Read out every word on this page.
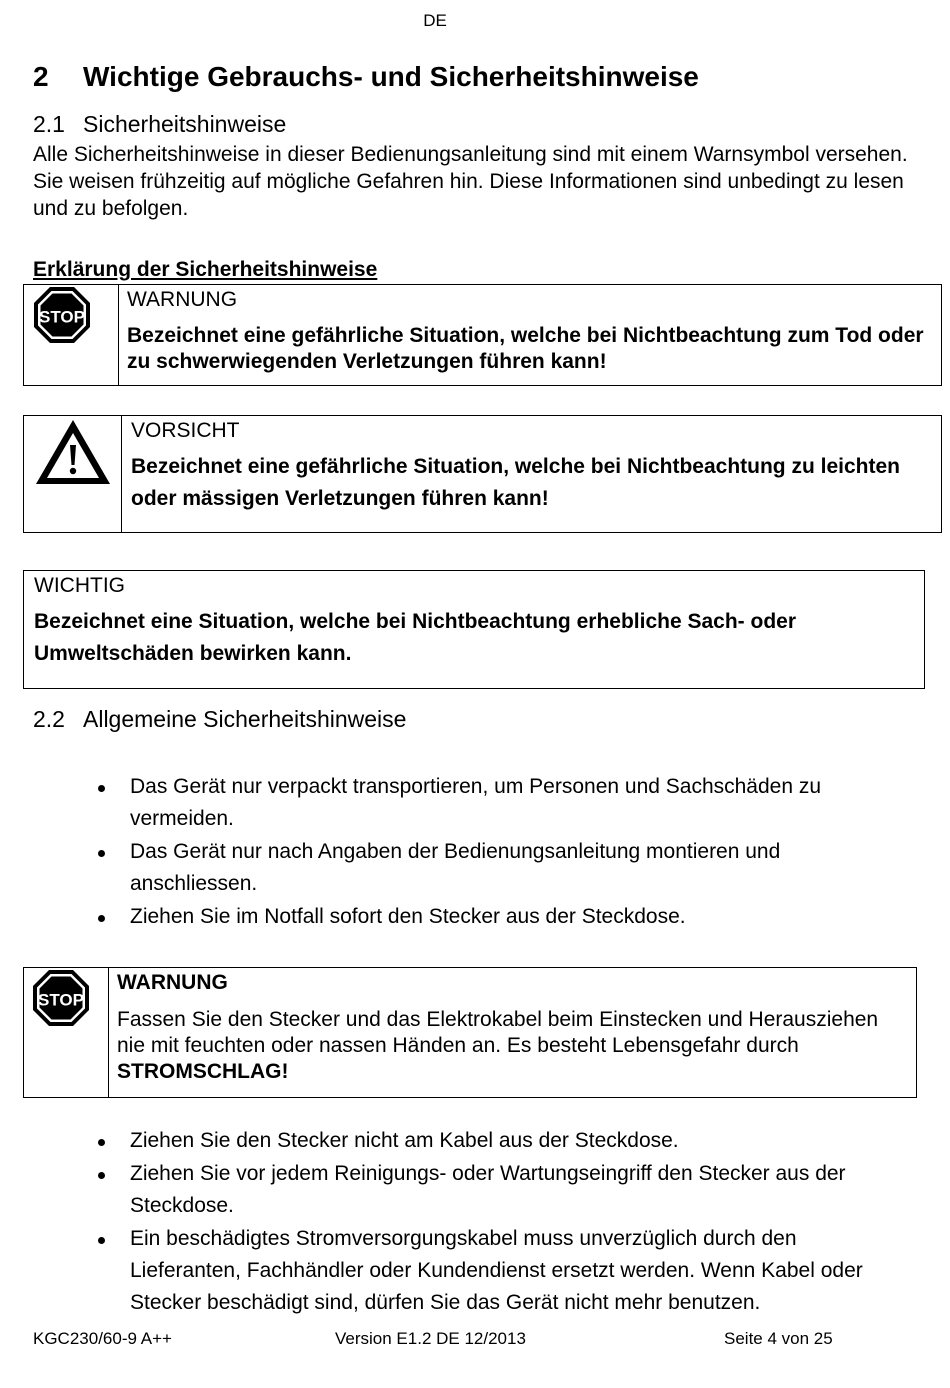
DE
2 Wichtige Gebrauchs- und Sicherheitshinweise
2.1 Sicherheitshinweise
Alle Sicherheitshinweise in dieser Bedienungsanleitung sind mit einem Warnsymbol versehen. Sie weisen frühzeitig auf mögliche Gefahren hin. Diese Informationen sind unbedingt zu lesen und zu befolgen.
Erklärung der Sicherheitshinweise
STOP
WARNUNG
Bezeichnet eine gefährliche Situation, welche bei Nichtbeachtung zum Tod oder zu schwerwiegenden Verletzungen führen kann!
VORSICHT
Bezeichnet eine gefährliche Situation, welche bei Nichtbeachtung zu leichten oder mässigen Verletzungen führen kann!
WICHTIG
Bezeichnet eine Situation, welche bei Nichtbeachtung erhebliche Sach- oder Umweltschäden bewirken kann.
2.2 Allgemeine Sicherheitshinweise
Das Gerät nur verpackt transportieren, um Personen und Sachschäden zu vermeiden.
Das Gerät nur nach Angaben der Bedienungsanleitung montieren und anschliessen.
Ziehen Sie im Notfall sofort den Stecker aus der Steckdose.
STOP
WARNUNG
Fassen Sie den Stecker und das Elektrokabel beim Einstecken und Herausziehen nie mit feuchten oder nassen Händen an. Es besteht Lebensgefahr durch STROMSCHLAG!
Ziehen Sie den Stecker nicht am Kabel aus der Steckdose.
Ziehen Sie vor jedem Reinigungs- oder Wartungseingriff den Stecker aus der Steckdose.
Ein beschädigtes Stromversorgungskabel muss unverzüglich durch den Lieferanten, Fachhändler oder Kundendienst ersetzt werden. Wenn Kabel oder Stecker beschädigt sind, dürfen Sie das Gerät nicht mehr benutzen.
KGC230/60-9 A++	Version E1.2 DE 12/2013	Seite 4 von 25
